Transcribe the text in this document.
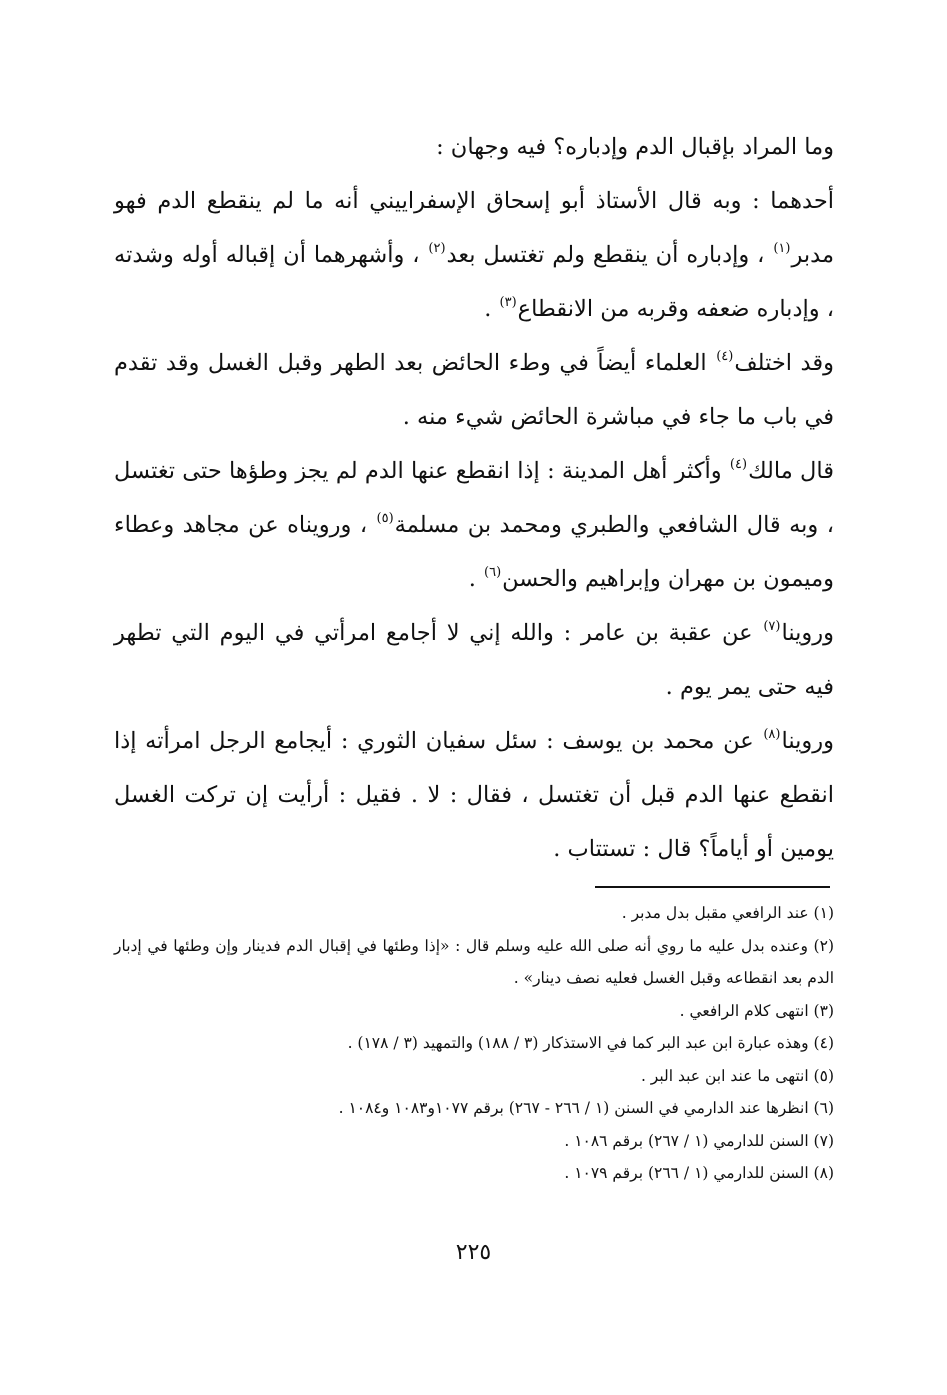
وما المراد بإقبال الدم وإدباره؟ فيه وجهان :

أحدهما : وبه قال الأستاذ أبو إسحاق الإسفراييني أنه ما لم ينقطع الدم فهو مدبر$^{(١)}$ ، وإدباره أن ينقطع ولم تغتسل بعد$^{(٢)}$ ، وأشهرهما أن إقباله أوله وشدته ، وإدباره ضعفه وقربه من الانقطاع$^{(٣)}$ .

وقد اختلف$^{(٤)}$ العلماء أيضاً في وطء الحائض بعد الطهر وقبل الغسل وقد تقدم في باب ما جاء في مباشرة الحائض شيء منه .

قال مالك$^{(٤)}$ وأكثر أهل المدينة : إذا انقطع عنها الدم لم يجز وطؤها حتى تغتسل ، وبه قال الشافعي والطبري ومحمد بن مسلمة$^{(٥)}$ ، ورويناه عن مجاهد وعطاء وميمون بن مهران وإبراهيم والحسن$^{(٦)}$ .

وروينا$^{(٧)}$ عن عقبة بن عامر : والله إني لا أجامع امرأتي في اليوم التي تطهر فيه حتى يمر يوم .

وروينا$^{(٨)}$ عن محمد بن يوسف : سئل سفيان الثوري : أيجامع الرجل امرأته إذا انقطع عنها الدم قبل أن تغتسل ، فقال : لا . فقيل : أرأيت إن تركت الغسل يومين أو أياماً؟ قال : تستتاب .

(١) عند الرافعي مقبل بدل مدبر .

(٢) وعنده بدل عليه ما روي أنه صلى الله عليه وسلم قال : «إذا وطئها في إقبال الدم فدينار وإن وطئها في إدبار الدم بعد انقطاعه وقبل الغسل فعليه نصف دينار» .

(٣) انتهى كلام الرافعي .

(٤) وهذه عبارة ابن عبد البر كما في الاستذكار (٣ / ١٨٨) والتمهيد (٣ / ١٧٨) .

(٥) انتهى ما عند ابن عبد البر .

(٦) انظرها عند الدارمي في السنن (١ / ٢٦٦ - ٢٦٧) برقم ١٠٧٧و١٠٨٣ و١٠٨٤ .

(٧) السنن للدارمي (١ / ٢٦٧) برقم ١٠٨٦ .

(٨) السنن للدارمي (١ / ٢٦٦) برقم ١٠٧٩ .

٢٢٥
